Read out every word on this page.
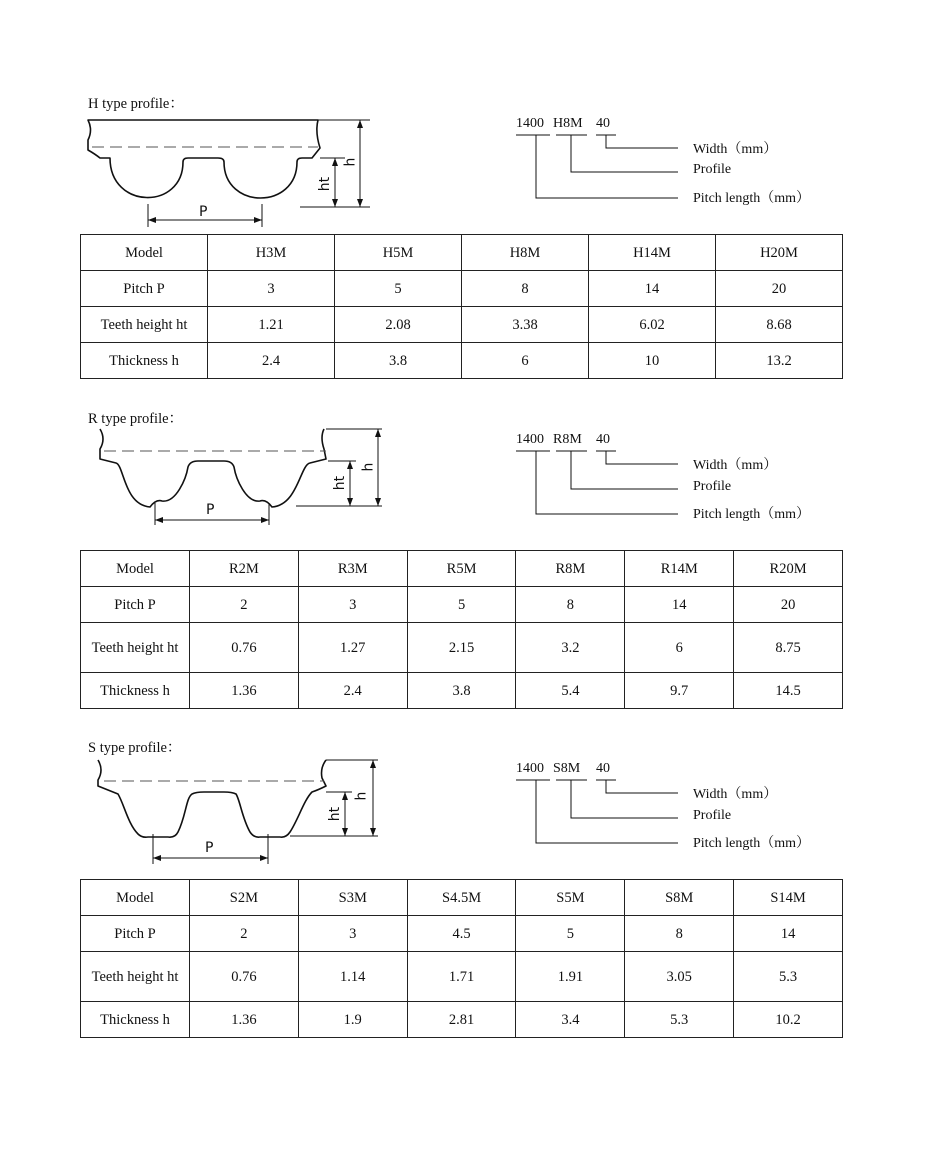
H type profile：
P
ht
h
1400 H8M 40
Width（mm）
Profile
Pitch length（mm）
Model	H3M	H5M	H8M	H14M	H20M
Pitch P	3	5	8	14	20
Teeth height ht	1.21	2.08	3.38	6.02	8.68
Thickness h	2.4	3.8	6	10	13.2
R type profile：
P
ht
h
1400 R8M 40
Width（mm）
Profile
Pitch length（mm）
Model	R2M	R3M	R5M	R8M	R14M	R20M
Pitch P	2	3	5	8	14	20
Teeth height ht	0.76	1.27	2.15	3.2	6	8.75
Thickness h	1.36	2.4	3.8	5.4	9.7	14.5
S type profile：
P
ht
h
1400 S8M 40
Width（mm）
Profile
Pitch length（mm）
Model	S2M	S3M	S4.5M	S5M	S8M	S14M
Pitch P	2	3	4.5	5	8	14
Teeth height ht	0.76	1.14	1.71	1.91	3.05	5.3
Thickness h	1.36	1.9	2.81	3.4	5.3	10.2
